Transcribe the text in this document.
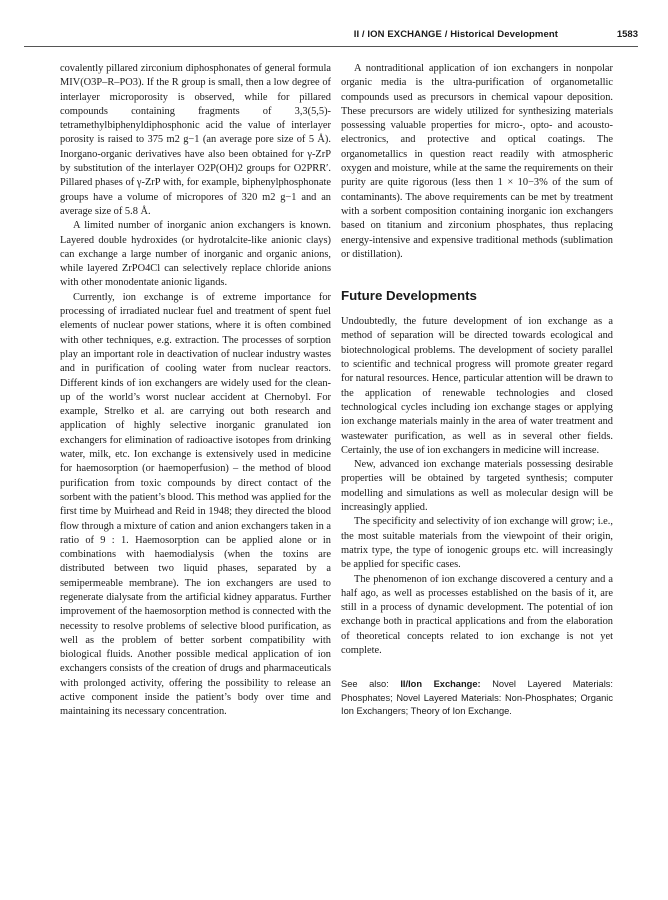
II / ION EXCHANGE / Historical Development	1583

covalently pillared zirconium diphosphonates of general formula MIV(O3P–R–PO3). If the R group is small, then a low degree of interlayer microporosity is observed, while for pillared compounds containing fragments of 3,3(5,5)-tetramethylbiphenyldiphosphonic acid the value of interlayer porosity is raised to 375 m2 g−1 (an average pore size of 5 Å). Inorgano-organic derivatives have also been obtained for γ-ZrP by substitution of the interlayer O2P(OH)2 groups for O2PRR′. Pillared phases of γ-ZrP with, for example, biphenylphosphonate groups have a volume of micropores of 320 m2 g−1 and an average size of 5.8 Å.

A limited number of inorganic anion exchangers is known. Layered double hydroxides (or hydrotalcite-like anionic clays) can exchange a large number of inorganic and organic anions, while layered ZrPO4Cl can selectively replace chloride anions with other monodentate anionic ligands.

Currently, ion exchange is of extreme importance for processing of irradiated nuclear fuel and treatment of spent fuel elements of nuclear power stations, where it is often combined with other techniques, e.g. extraction. The processes of sorption play an important role in deactivation of nuclear industry wastes and in purification of cooling water from nuclear reactors. Different kinds of ion exchangers are widely used for the clean-up of the world’s worst nuclear accident at Chernobyl. For example, Strelko et al. are carrying out both research and application of highly selective inorganic granulated ion exchangers for elimination of radioactive isotopes from drinking water, milk, etc. Ion exchange is extensively used in medicine for haemosorption (or haemoperfusion) – the method of blood purification from toxic compounds by direct contact of the sorbent with the patient’s blood. This method was applied for the first time by Muirhead and Reid in 1948; they directed the blood flow through a mixture of cation and anion exchangers taken in a ratio of 9 : 1. Haemosorption can be applied alone or in combinations with haemodialysis (when the toxins are distributed between two liquid phases, separated by a semipermeable membrane). The ion exchangers are used to regenerate dialysate from the artificial kidney apparatus. Further improvement of the haemosorption method is connected with the necessity to resolve problems of selective blood purification, as well as the problem of better sorbent compatibility with biological fluids. Another possible medical application of ion exchangers consists of the creation of drugs and pharmaceuticals with prolonged activity, offering the possibility to release an active component inside the patient’s body over time and maintaining its necessary concentration.

A nontraditional application of ion exchangers in nonpolar organic media is the ultra-purification of organometallic compounds used as precursors in chemical vapour deposition. These precursors are widely utilized for synthesizing materials possessing valuable properties for micro-, opto- and acousto-electronics, and protective and optical coatings. The organometallics in question react readily with atmospheric oxygen and moisture, while at the same the requirements on their purity are quite rigorous (less then 1 × 10−3% of the sum of contaminants). The above requirements can be met by treatment with a sorbent composition containing inorganic ion exchangers based on titanium and zirconium phosphates, thus replacing energy-intensive and expensive traditional methods (sublimation or distillation).

Future Developments

Undoubtedly, the future development of ion exchange as a method of separation will be directed towards ecological and biotechnological problems. The development of society parallel to scientific and technical progress will promote greater regard for natural resources. Hence, particular attention will be drawn to the application of renewable technologies and closed technological cycles including ion exchange stages or applying ion exchange materials mainly in the area of water treatment and wastewater purification, as well as in several other fields. Certainly, the use of ion exchangers in medicine will increase.

New, advanced ion exchange materials possessing desirable properties will be obtained by targeted synthesis; computer modelling and simulations as well as molecular design will be increasingly applied.

The specificity and selectivity of ion exchange will grow; i.e., the most suitable materials from the viewpoint of their origin, matrix type, the type of ionogenic groups etc. will increasingly be applied for specific cases.

The phenomenon of ion exchange discovered a century and a half ago, as well as processes established on the basis of it, are still in a process of dynamic development. The potential of ion exchange both in practical applications and from the elaboration of theoretical concepts related to ion exchange is not yet complete.

See also: II/Ion Exchange: Novel Layered Materials: Phosphates; Novel Layered Materials: Non-Phosphates; Organic Ion Exchangers; Theory of Ion Exchange.
